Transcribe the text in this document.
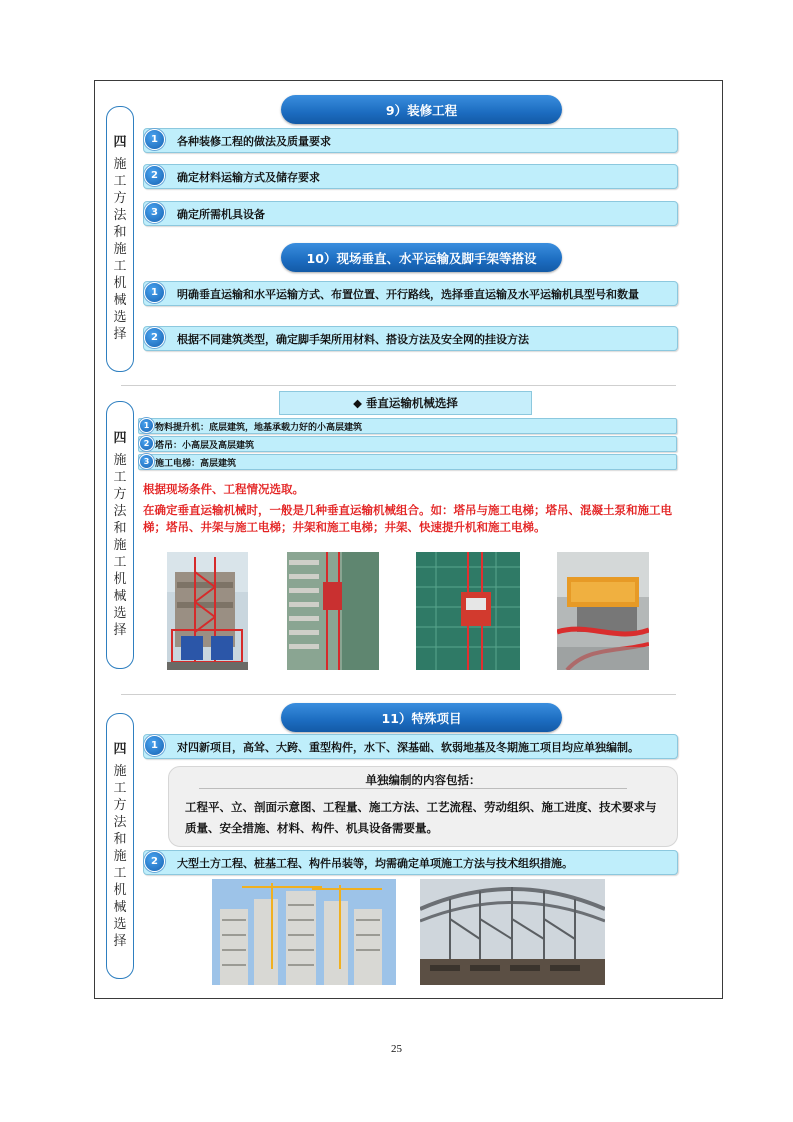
四
施
工
方
法
和
施
工
机
械
选
择
四
施
工
方
法
和
施
工
机
械
选
择
四
施
工
方
法
和
施
工
机
械
选
择
9）装修工程
各种装修工程的做法及质量要求
1
确定材料运输方式及储存要求
2
确定所需机具设备
3
10）现场垂直、水平运输及脚手架等搭设
明确垂直运输和水平运输方式、布置位置、开行路线，选择垂直运输及水平运输机具型号和数量
1
根据不同建筑类型，确定脚手架所用材料、搭设方法及安全网的挂设方法
2
◆ 垂直运输机械选择
物料提升机：底层建筑，地基承载力好的小高层建筑
1
塔吊：小高层及高层建筑
2
施工电梯：高层建筑
3
根据现场条件、工程情况选取。
在确定垂直运输机械时，一般是几种垂直运输机械组合。如：塔吊与施工电梯；塔吊、混凝土泵和施工电梯；塔吊、井架与施工电梯；井架和施工电梯；井架、快速提升机和施工电梯。
11）特殊项目
对四新项目，高耸、大跨、重型构件，水下、深基础、软弱地基及冬期施工项目均应单独编制。
1
单独编制的内容包括：
工程平、立、剖面示意图、工程量、施工方法、工艺流程、劳动组织、施工进度、技术要求与质量、安全措施、材料、构件、机具设备需要量。
大型土方工程、桩基工程、构件吊装等，均需确定单项施工方法与技术组织措施。
2
25
